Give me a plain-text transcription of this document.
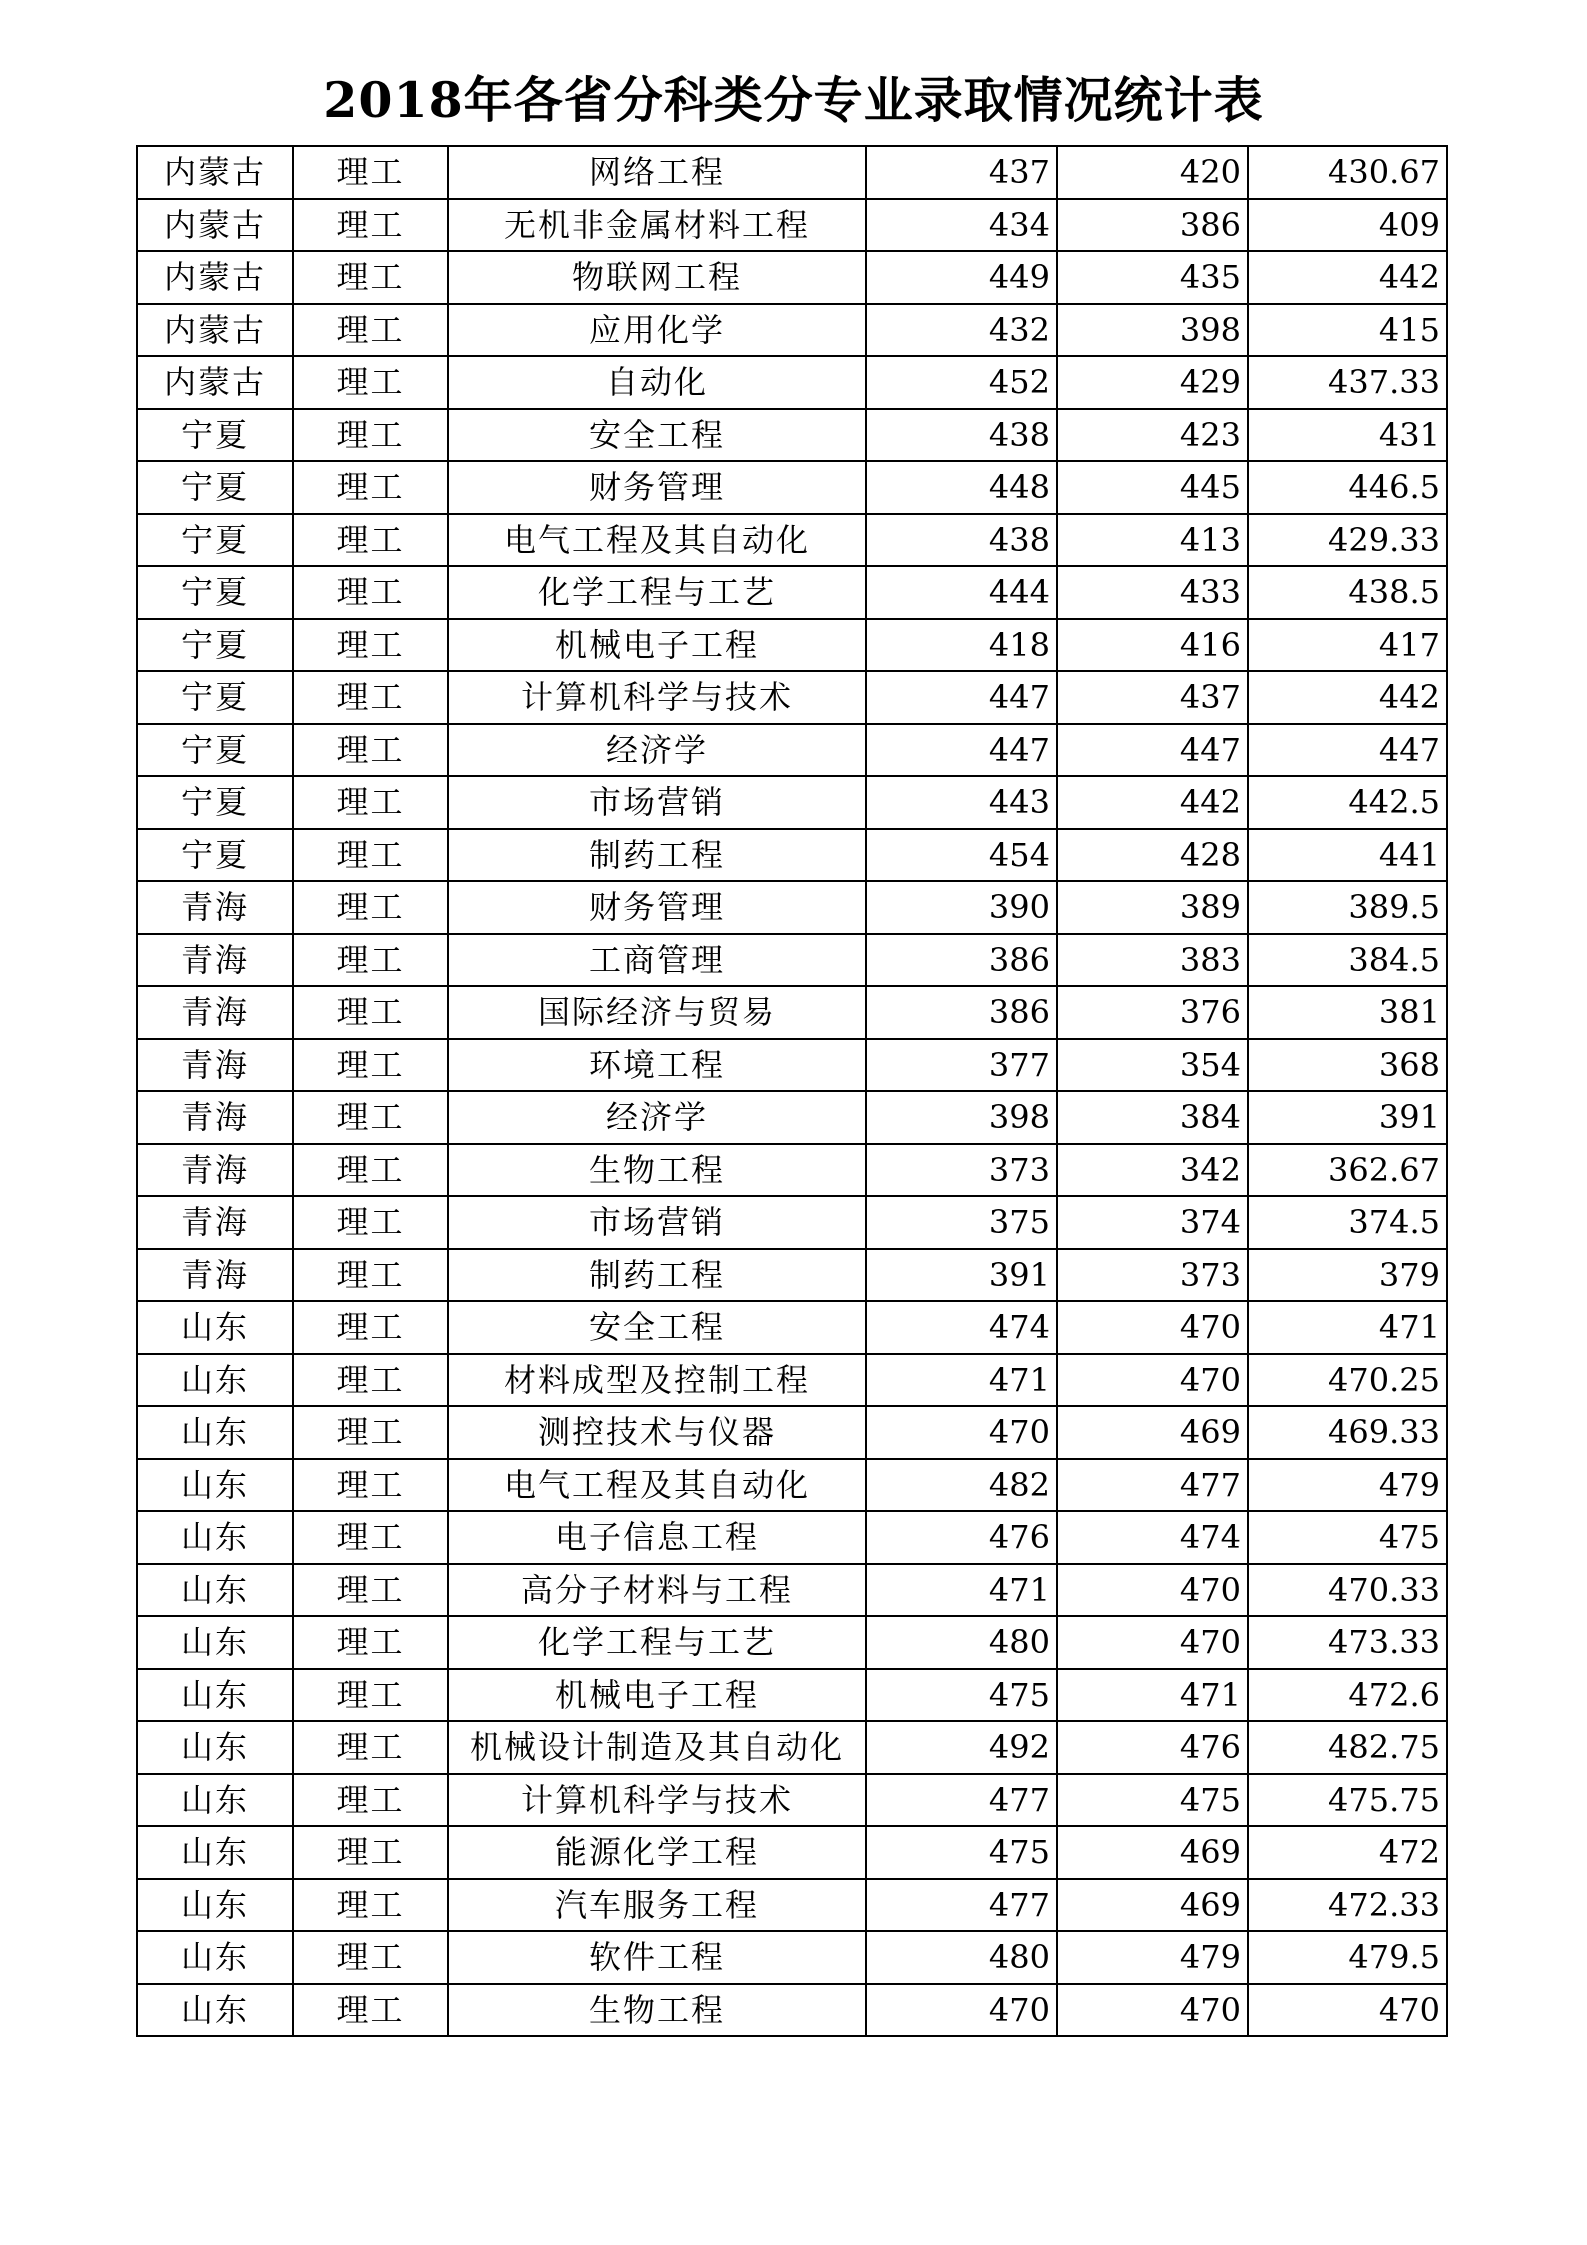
2018年各省分科类分专业录取情况统计表
内蒙古	理工	网络工程	437	420	430.67
内蒙古	理工	无机非金属材料工程	434	386	409
内蒙古	理工	物联网工程	449	435	442
内蒙古	理工	应用化学	432	398	415
内蒙古	理工	自动化	452	429	437.33
宁夏	理工	安全工程	438	423	431
宁夏	理工	财务管理	448	445	446.5
宁夏	理工	电气工程及其自动化	438	413	429.33
宁夏	理工	化学工程与工艺	444	433	438.5
宁夏	理工	机械电子工程	418	416	417
宁夏	理工	计算机科学与技术	447	437	442
宁夏	理工	经济学	447	447	447
宁夏	理工	市场营销	443	442	442.5
宁夏	理工	制药工程	454	428	441
青海	理工	财务管理	390	389	389.5
青海	理工	工商管理	386	383	384.5
青海	理工	国际经济与贸易	386	376	381
青海	理工	环境工程	377	354	368
青海	理工	经济学	398	384	391
青海	理工	生物工程	373	342	362.67
青海	理工	市场营销	375	374	374.5
青海	理工	制药工程	391	373	379
山东	理工	安全工程	474	470	471
山东	理工	材料成型及控制工程	471	470	470.25
山东	理工	测控技术与仪器	470	469	469.33
山东	理工	电气工程及其自动化	482	477	479
山东	理工	电子信息工程	476	474	475
山东	理工	高分子材料与工程	471	470	470.33
山东	理工	化学工程与工艺	480	470	473.33
山东	理工	机械电子工程	475	471	472.6
山东	理工	机械设计制造及其自动化	492	476	482.75
山东	理工	计算机科学与技术	477	475	475.75
山东	理工	能源化学工程	475	469	472
山东	理工	汽车服务工程	477	469	472.33
山东	理工	软件工程	480	479	479.5
山东	理工	生物工程	470	470	470
